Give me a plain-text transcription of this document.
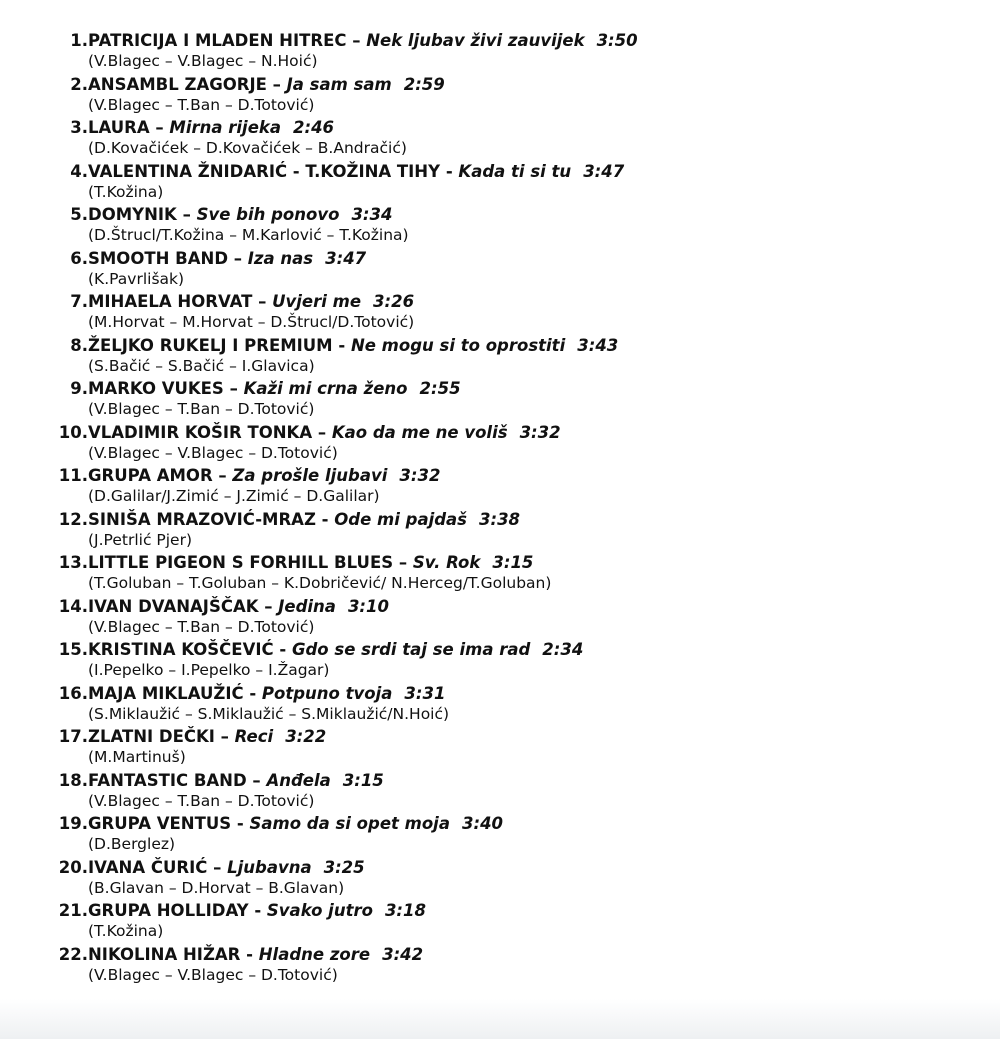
1.PATRICIJA I MLADEN HITREC – Nek ljubav živi zauvijek 3:50
(V.Blagec – V.Blagec – N.Hoić)
2.ANSAMBL ZAGORJE – Ja sam sam 2:59
(V.Blagec – T.Ban – D.Totović)
3.LAURA – Mirna rijeka 2:46
(D.Kovačićek – D.Kovačićek – B.Andračić)
4.VALENTINA ŽNIDARIĆ - T.KOŽINA TIHY - Kada ti si tu 3:47
(T.Kožina)
5.DOMYNIK – Sve bih ponovo 3:34
(D.Štrucl/T.Kožina – M.Karlović – T.Kožina)
6.SMOOTH BAND – Iza nas 3:47
(K.Pavrlišak)
7.MIHAELA HORVAT – Uvjeri me 3:26
(M.Horvat – M.Horvat – D.Štrucl/D.Totović)
8.ŽELJKO RUKELJ I PREMIUM - Ne mogu si to oprostiti 3:43
(S.Bačić – S.Bačić – I.Glavica)
9.MARKO VUKES – Kaži mi crna ženo 2:55
(V.Blagec – T.Ban – D.Totović)
10.VLADIMIR KOŠIR TONKA – Kao da me ne voliš 3:32
(V.Blagec – V.Blagec – D.Totović)
11.GRUPA AMOR – Za prošle ljubavi 3:32
(D.Galilar/J.Zimić – J.Zimić – D.Galilar)
12.SINIŠA MRAZOVIĆ-MRAZ - Ode mi pajdaš 3:38
(J.Petrlić Pjer)
13.LITTLE PIGEON S FORHILL BLUES – Sv. Rok 3:15
(T.Goluban – T.Goluban – K.Dobričević/ N.Herceg/T.Goluban)
14.IVAN DVANAJŠČAK – Jedina 3:10
(V.Blagec – T.Ban – D.Totović)
15.KRISTINA KOŠČEVIĆ - Gdo se srdi taj se ima rad 2:34
(I.Pepelko – I.Pepelko – I.Žagar)
16.MAJA MIKLAUŽIĆ - Potpuno tvoja 3:31
(S.Miklaužić – S.Miklaužić – S.Miklaužić/N.Hoić)
17.ZLATNI DEČKI – Reci 3:22
(M.Martinuš)
18.FANTASTIC BAND – Anđela 3:15
(V.Blagec – T.Ban – D.Totović)
19.GRUPA VENTUS - Samo da si opet moja 3:40
(D.Berglez)
20.IVANA ČURIĆ – Ljubavna 3:25
(B.Glavan – D.Horvat – B.Glavan)
21.GRUPA HOLLIDAY - Svako jutro 3:18
(T.Kožina)
22.NIKOLINA HIŽAR - Hladne zore 3:42
(V.Blagec – V.Blagec – D.Totović)
